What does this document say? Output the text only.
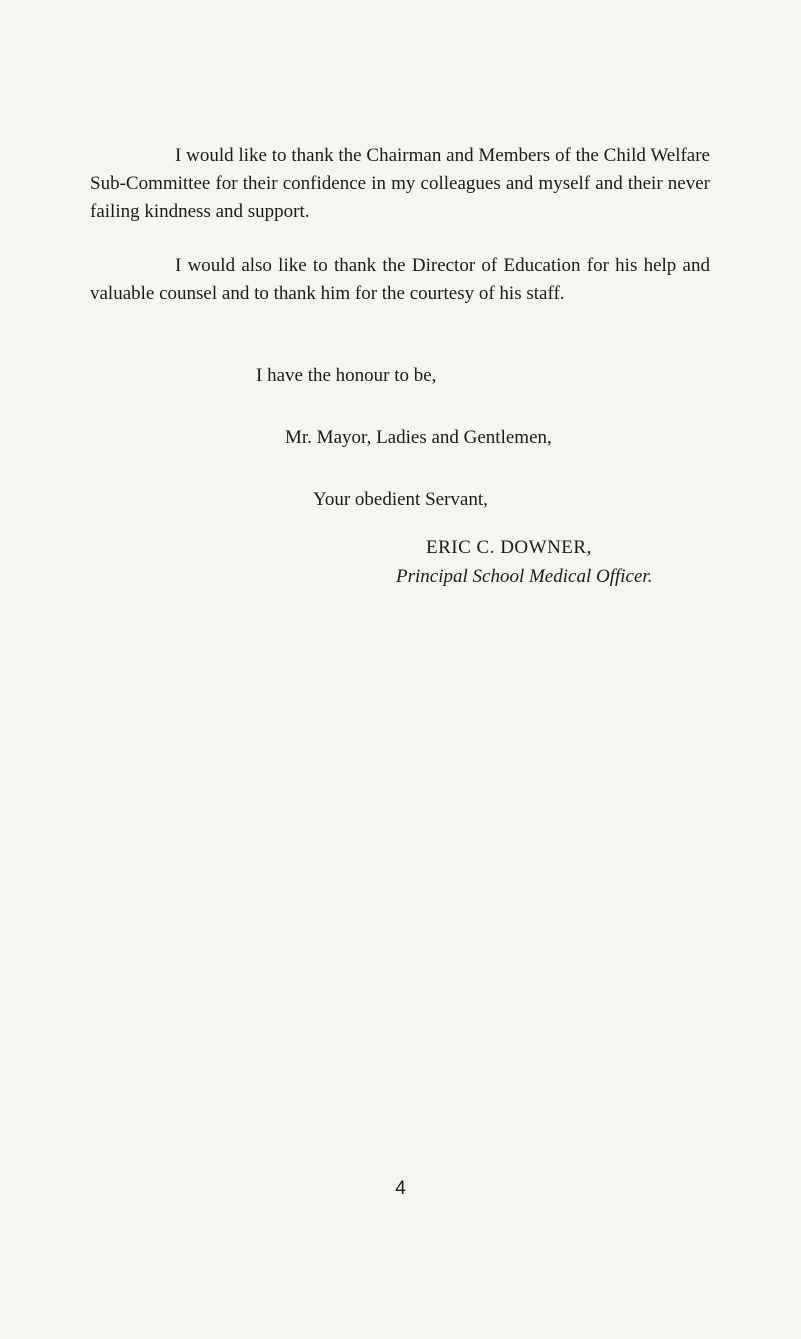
I would like to thank the Chairman and Members of the Child Welfare Sub-Committee for their confidence in my colleagues and myself and their never failing kindness and support.

I would also like to thank the Director of Education for his help and valuable counsel and to thank him for the courtesy of his staff.

I have the honour to be,

Mr. Mayor, Ladies and Gentlemen,

Your obedient Servant,

ERIC C. DOWNER,

Principal School Medical Officer.

4
